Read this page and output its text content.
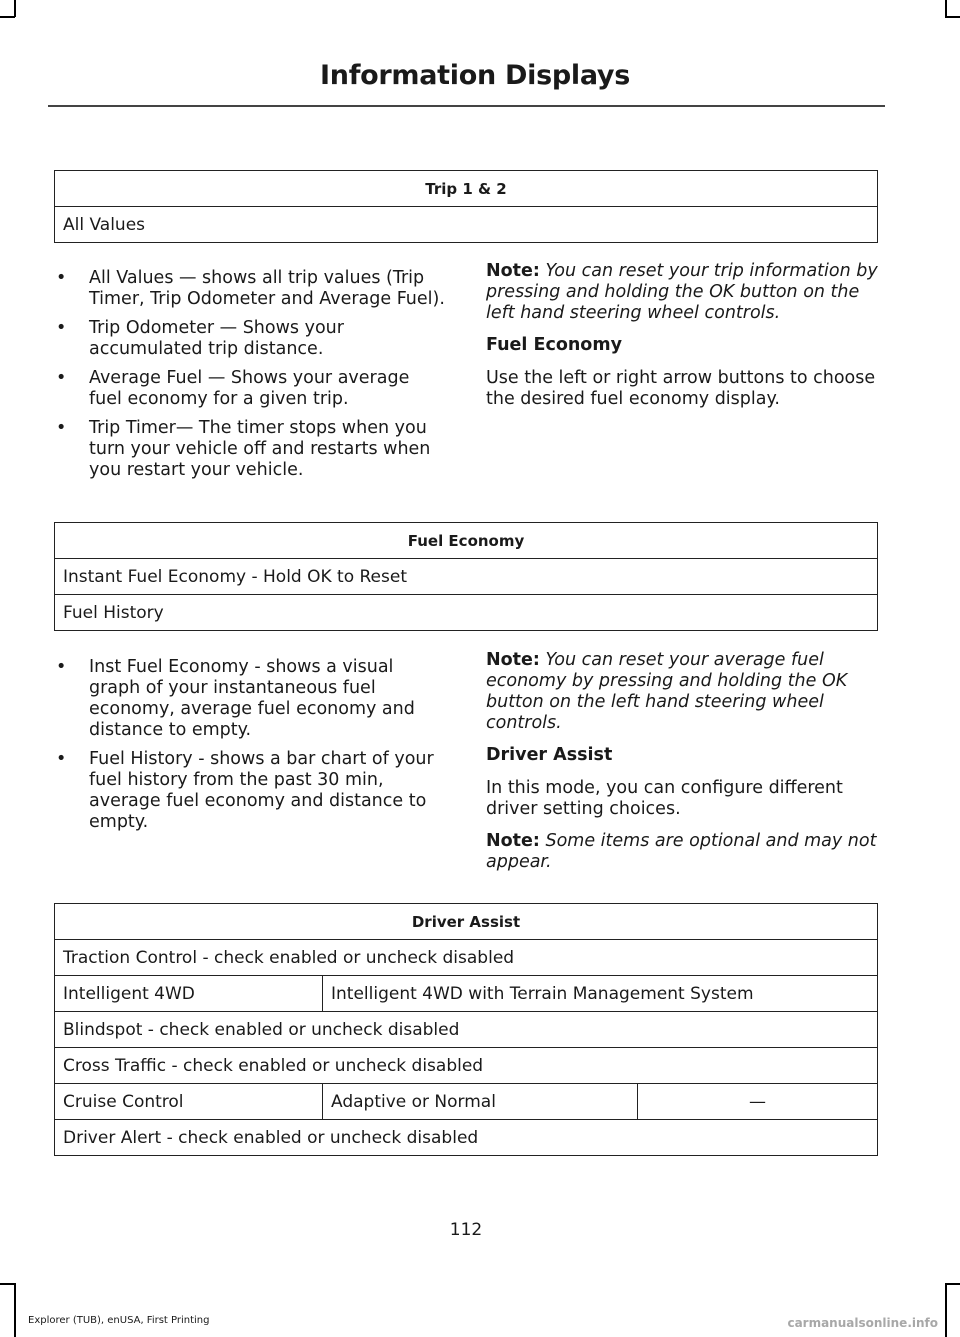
Information Displays
Trip 1 & 2
All Values
• All Values — shows all trip values (Trip Timer, Trip Odometer and Average Fuel).
• Trip Odometer — Shows your accumulated trip distance.
• Average Fuel — Shows your average fuel economy for a given trip.
• Trip Timer— The timer stops when you turn your vehicle off and restarts when you restart your vehicle.

Note: You can reset your trip information by pressing and holding the OK button on the left hand steering wheel controls.

Fuel Economy

Use the left or right arrow buttons to choose the desired fuel economy display.

Fuel Economy
Instant Fuel Economy - Hold OK to Reset
Fuel History
• Inst Fuel Economy - shows a visual graph of your instantaneous fuel economy, average fuel economy and distance to empty.
• Fuel History - shows a bar chart of your fuel history from the past 30 min, average fuel economy and distance to empty.

Note: You can reset your average fuel economy by pressing and holding the OK button on the left hand steering wheel controls.

Driver Assist

In this mode, you can configure different driver setting choices.

Note: Some items are optional and may not appear.

Driver Assist		
Traction Control - check enabled or uncheck disabled		
Intelligent 4WD	Intelligent 4WD with Terrain Management System	
Blindspot - check enabled or uncheck disabled		
Cross Traffic - check enabled or uncheck disabled		
Cruise Control	Adaptive or Normal	—
Driver Alert - check enabled or uncheck disabled		
112
Explorer (TUB), enUSA, First Printing	carmanualsonline.info
